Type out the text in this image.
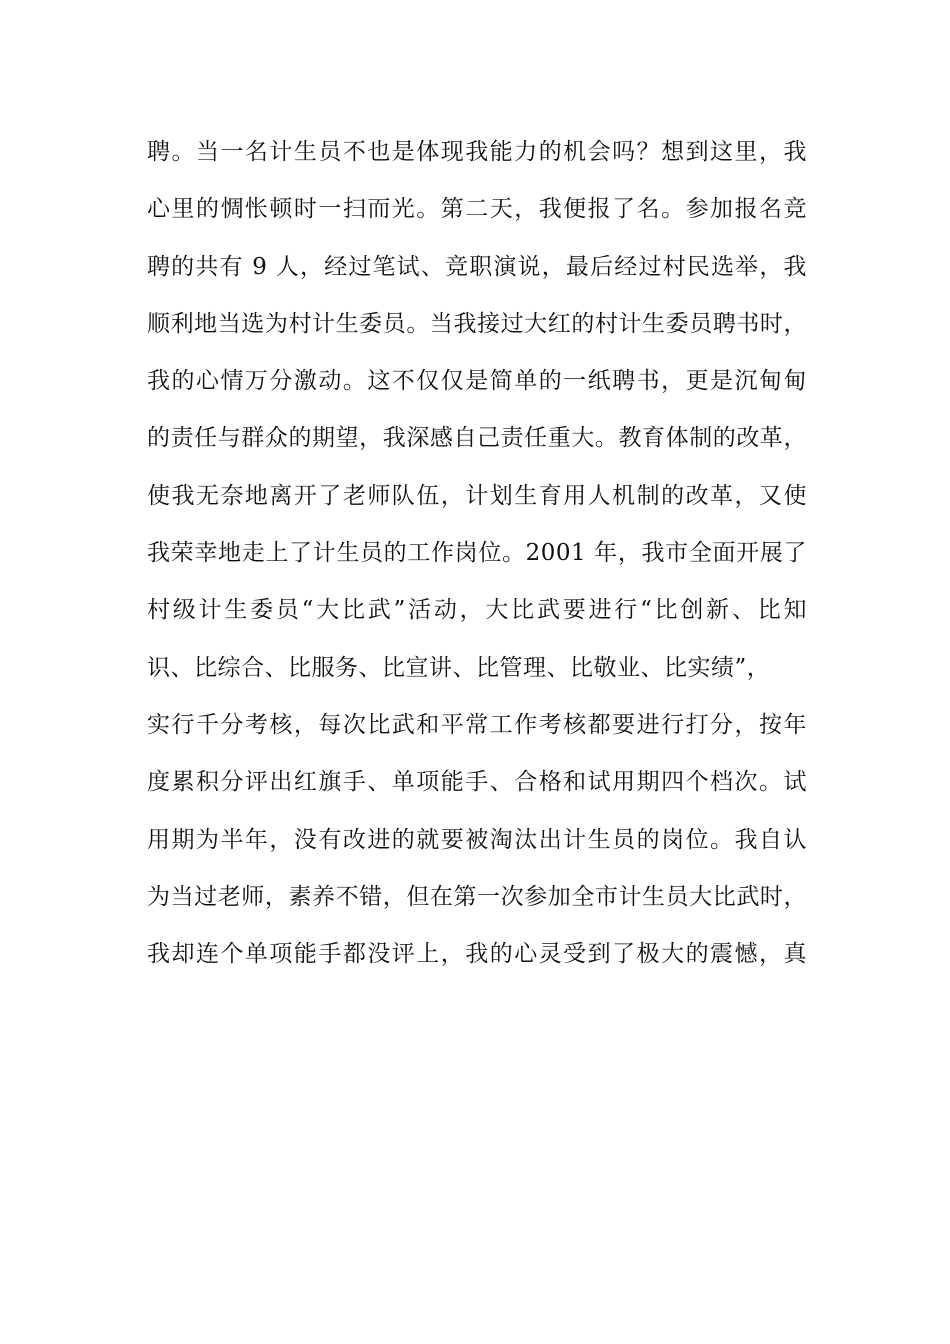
聘。当一名计生员不也是体现我能力的机会吗？想到这里，我
心里的惆怅顿时一扫而光。第二天，我便报了名。参加报名竞
聘的共有 9 人，经过笔试、竞职演说，最后经过村民选举，我
顺利地当选为村计生委员。当我接过大红的村计生委员聘书时，
我的心情万分激动。这不仅仅是简单的一纸聘书，更是沉甸甸
的责任与群众的期望，我深感自己责任重大。教育体制的改革，
使我无奈地离开了老师队伍，计划生育用人机制的改革，又使
我荣幸地走上了计生员的工作岗位。2001 年，我市全面开展了
村级计生委员“大比武”活动，大比武要进行“比创新、比知
识、比综合、比服务、比宣讲、比管理、比敬业、比实绩”，
实行千分考核，每次比武和平常工作考核都要进行打分，按年
度累积分评出红旗手、单项能手、合格和试用期四个档次。试
用期为半年，没有改进的就要被淘汰出计生员的岗位。我自认
为当过老师，素养不错，但在第一次参加全市计生员大比武时，
我却连个单项能手都没评上，我的心灵受到了极大的震憾，真
